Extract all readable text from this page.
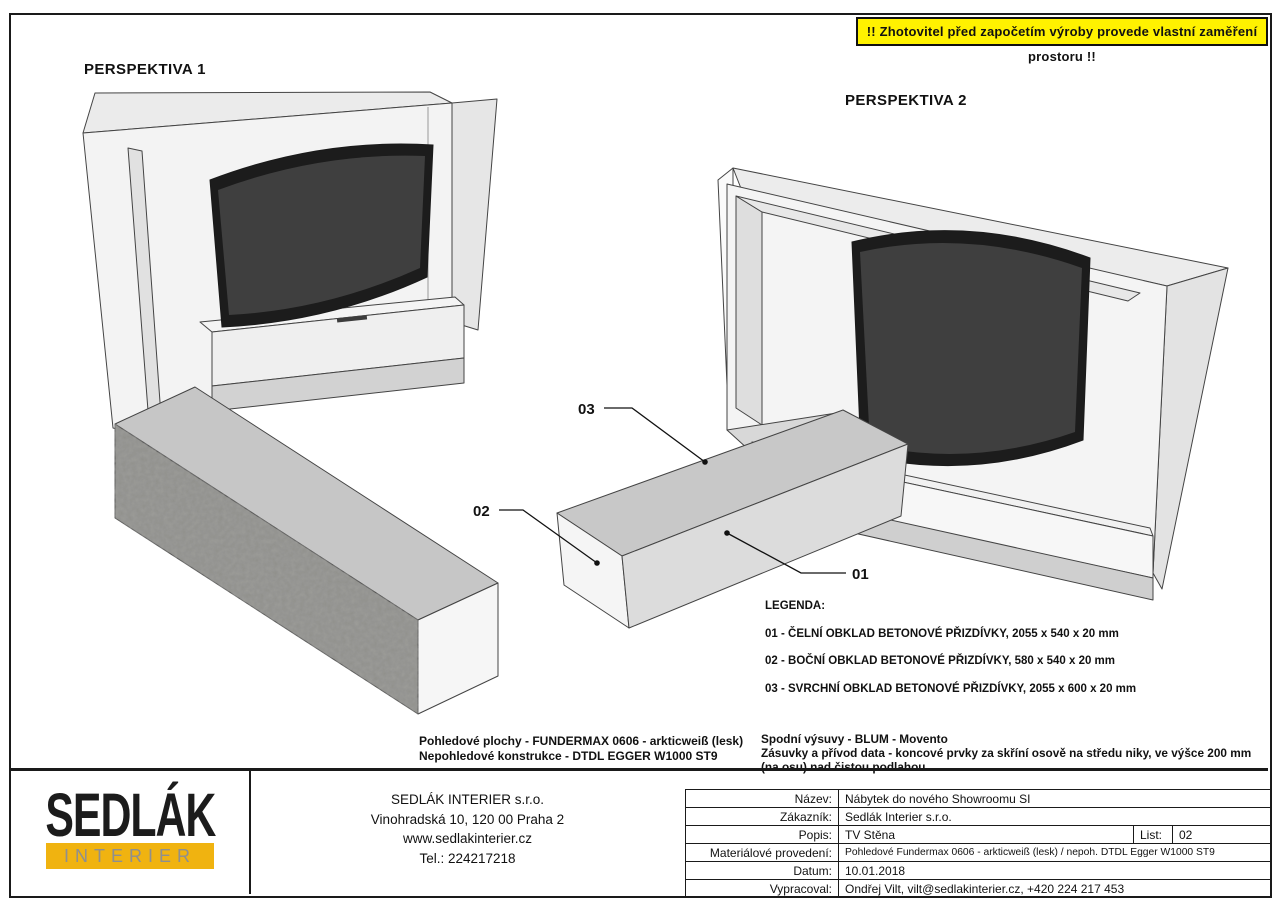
!! Zhotovitel před započetím výroby provede vlastní zaměření prostoru !!
PERSPEKTIVA 1
PERSPEKTIVA 2
03
02
01
LEGENDA:
01 - ČELNÍ OBKLAD BETONOVÉ PŘIZDÍVKY, 2055 x 540 x 20 mm
02 - BOČNÍ OBKLAD BETONOVÉ PŘIZDÍVKY, 580 x 540 x 20 mm
03 - SVRCHNÍ OBKLAD BETONOVÉ PŘIZDÍVKY, 2055 x 600 x 20 mm
Pohledové plochy - FUNDERMAX 0606 - arkticweiß (lesk)
Nepohledové konstrukce - DTDL EGGER W1000 ST9
Spodní výsuvy - BLUM - Movento
Zásuvky a přívod data - koncové prvky za skříní osově na středu niky, ve výšce 200 mm
SEDLÁK
INTERIER
SEDLÁK INTERIER s.r.o.
Vinohradská 10, 120 00 Praha 2
www.sedlakinterier.cz
Tel.: 224217218
Název:	Nábytek do nového Showroomu SI		
Zákazník:	Sedlák Interier s.r.o.		
Popis:	TV Stěna	List:	02
Materiálové provedení:	Pohledové Fundermax 0606 - arkticweiß (lesk) / nepoh. DTDL Egger W1000 ST9		
Datum:	10.01.2018		
Vypracoval:	Ondřej Vilt, vilt@sedlakinterier.cz, +420 224 217 453		
